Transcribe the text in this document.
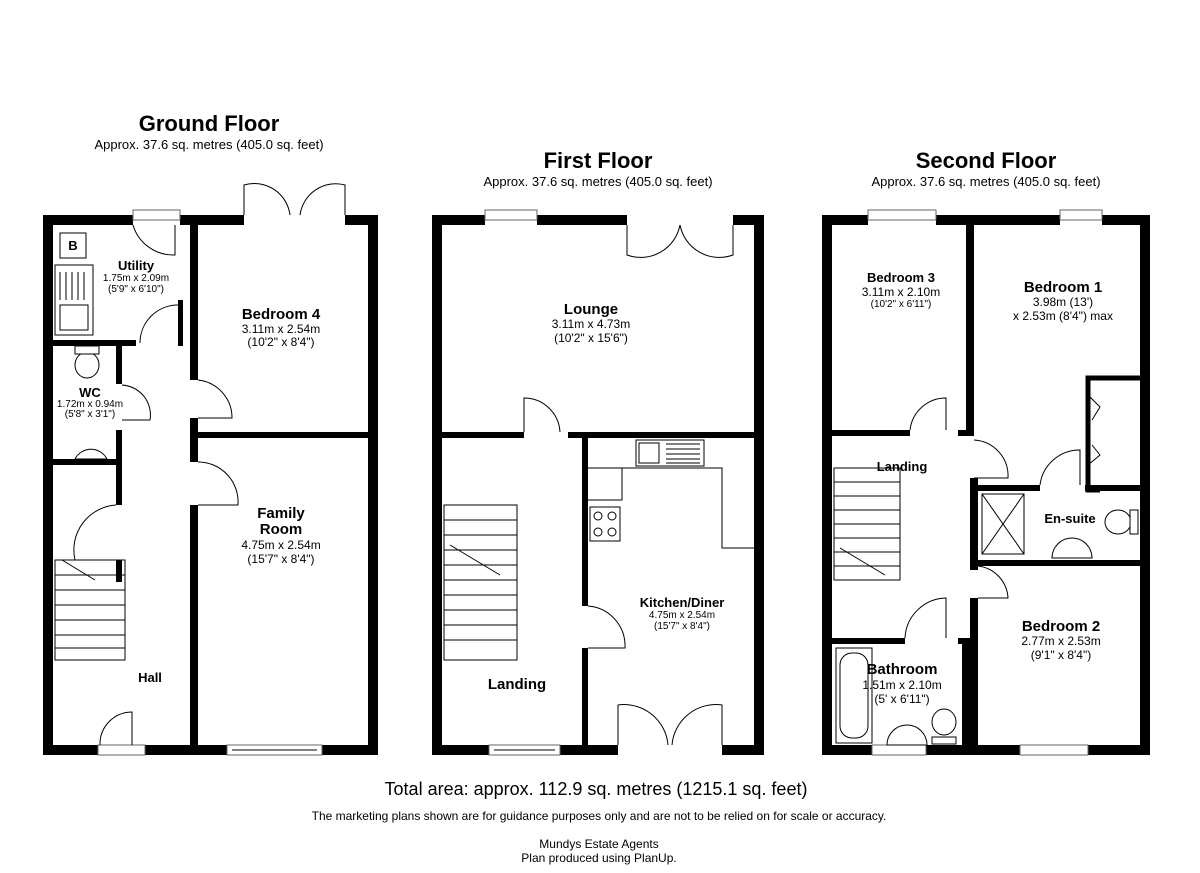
Ground Floor
Approx. 37.6 sq. metres (405.0 sq. feet)
B
Utility
1.75m x 2.09m
(5'9" x 6'10")
WC
1.72m x 0.94m
(5'8" x 3'1")
Bedroom 4
3.11m x 2.54m
(10'2" x 8'4")
Family
Room
4.75m x 2.54m
(15'7" x 8'4")
Hall
First Floor
Approx. 37.6 sq. metres (405.0 sq. feet)
Lounge
3.11m x 4.73m
(10'2" x 15'6")
Kitchen/Diner
4.75m x 2.54m
(15'7" x 8'4")
Landing
Second Floor
Approx. 37.6 sq. metres (405.0 sq. feet)
Bedroom 3
3.11m x 2.10m
(10'2" x 6'11")
Bedroom 1
3.98m (13')
x 2.53m (8'4") max
Landing
En-suite
Bedroom 2
2.77m x 2.53m
(9'1" x 8'4")
Bathroom
1.51m x 2.10m
(5' x 6'11")
Total area: approx. 112.9 sq. metres (1215.1 sq. feet)
The marketing plans shown are for guidance purposes only and are not to be relied on for scale or accuracy.
Mundys Estate Agents
Plan produced using PlanUp.
